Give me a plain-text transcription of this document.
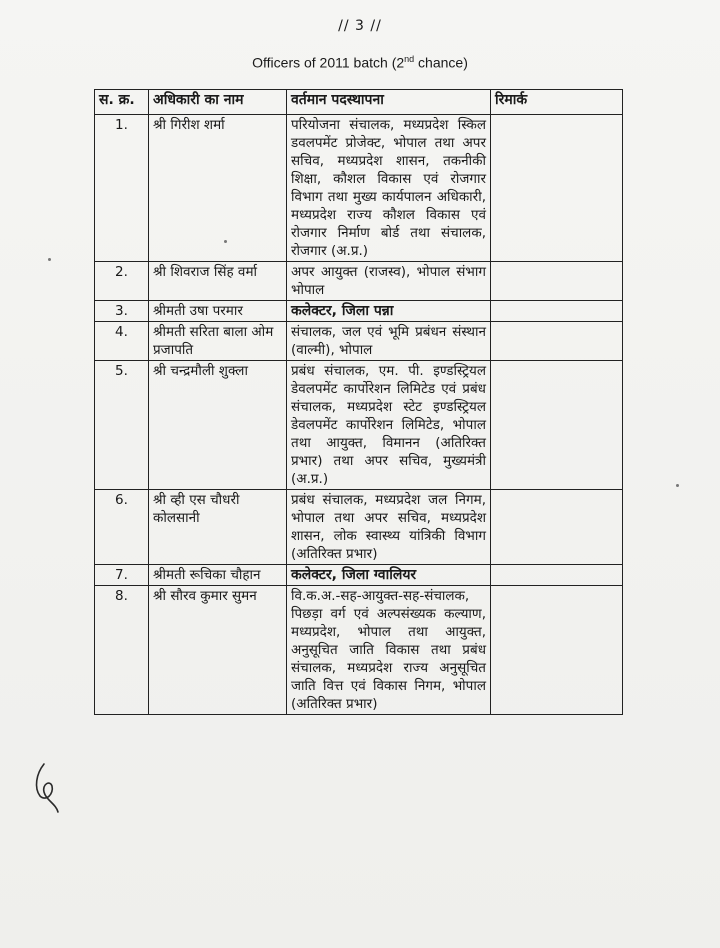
// 3 //
Officers of 2011 batch (2nd chance)
स. क्र.	अधिकारी का नाम	वर्तमान पदस्थापना	रिमार्क
1.	श्री गिरीश शर्मा	परियोजना संचालक, मध्यप्रदेश स्किल डवलपमेंट प्रोजेक्ट, भोपाल तथा अपर सचिव, मध्यप्रदेश शासन, तकनीकी शिक्षा, कौशल विकास एवं रोजगार विभाग तथा मुख्य कार्यपालन अधिकारी, मध्यप्रदेश राज्य कौशल विकास एवं रोजगार निर्माण बोर्ड तथा संचालक, रोजगार (अ.प्र.)	
2.	श्री शिवराज सिंह वर्मा	अपर आयुक्त (राजस्व), भोपाल संभाग भोपाल	
3.	श्रीमती उषा परमार	कलेक्टर, जिला पन्ना	
4.	श्रीमती सरिता बाला ओम प्रजापति	संचालक, जल एवं भूमि प्रबंधन संस्थान (वाल्मी), भोपाल	
5.	श्री चन्द्रमौली शुक्ला	प्रबंध संचालक, एम. पी. इण्डस्ट्रियल डेवलपमेंट कार्पोरेशन लिमिटेड एवं प्रबंध संचालक, मध्यप्रदेश स्टेट इण्डस्ट्रियल डेवलपमेंट कार्पोरेशन लिमिटेड, भोपाल तथा आयुक्त, विमानन (अतिरिक्त प्रभार) तथा अपर सचिव, मुख्यमंत्री (अ.प्र.)	
6.	श्री व्ही एस चौधरी कोलसानी	प्रबंध संचालक, मध्यप्रदेश जल निगम, भोपाल तथा अपर सचिव, मध्यप्रदेश शासन, लोक स्वास्थ्य यांत्रिकी विभाग (अतिरिक्त प्रभार)	
7.	श्रीमती रूचिका चौहान	कलेक्टर, जिला ग्वालियर	
8.	श्री सौरव कुमार सुमन	वि.क.अ.-सह-आयुक्त-सह-संचालक, पिछड़ा वर्ग एवं अल्पसंख्यक कल्याण, मध्यप्रदेश, भोपाल तथा आयुक्त, अनुसूचित जाति विकास तथा प्रबंध संचालक, मध्यप्रदेश राज्य अनुसूचित जाति वित्त एवं विकास निगम, भोपाल (अतिरिक्त प्रभार)	
